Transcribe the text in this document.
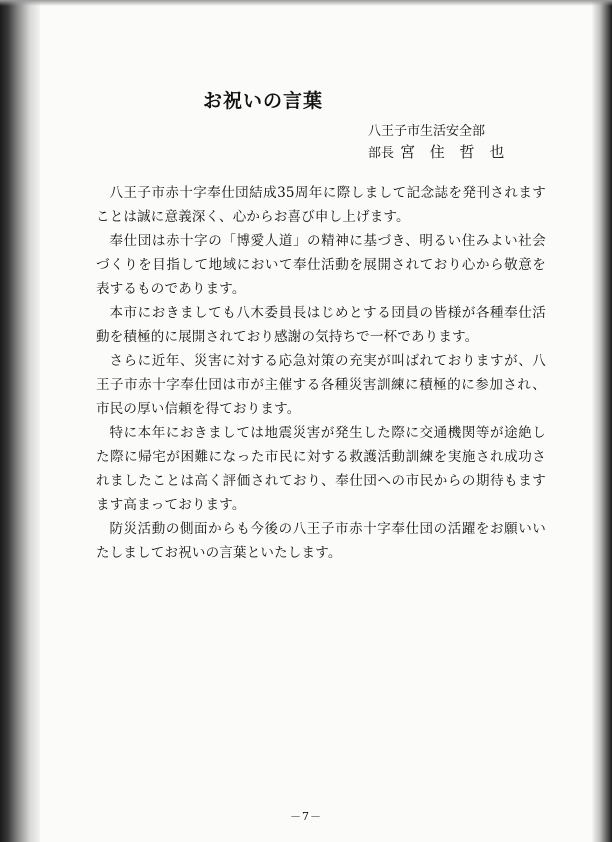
お祝いの言葉
八王子市生活安全部
部長 宮 住 哲 也

八王子市赤十字奉仕団結成35周年に際しまして記念誌を発刊されますことは誠に意義深く、心からお喜び申し上げます。

奉仕団は赤十字の「博愛人道」の精神に基づき、明るい住みよい社会づくりを目指して地域において奉仕活動を展開されており心から敬意を表するものであります。

本市におきましても八木委員長はじめとする団員の皆様が各種奉仕活動を積極的に展開されており感謝の気持ちで一杯であります。

さらに近年、災害に対する応急対策の充実が叫ばれておりますが、八王子市赤十字奉仕団は市が主催する各種災害訓練に積極的に参加され、市民の厚い信頼を得ております。

特に本年におきましては地震災害が発生した際に交通機関等が途絶した際に帰宅が困難になった市民に対する救護活動訓練を実施され成功されましたことは高く評価されており、奉仕団への市民からの期待もますます高まっております。

防災活動の側面からも今後の八王子市赤十字奉仕団の活躍をお願いいたしましてお祝いの言葉といたします。

－7－
